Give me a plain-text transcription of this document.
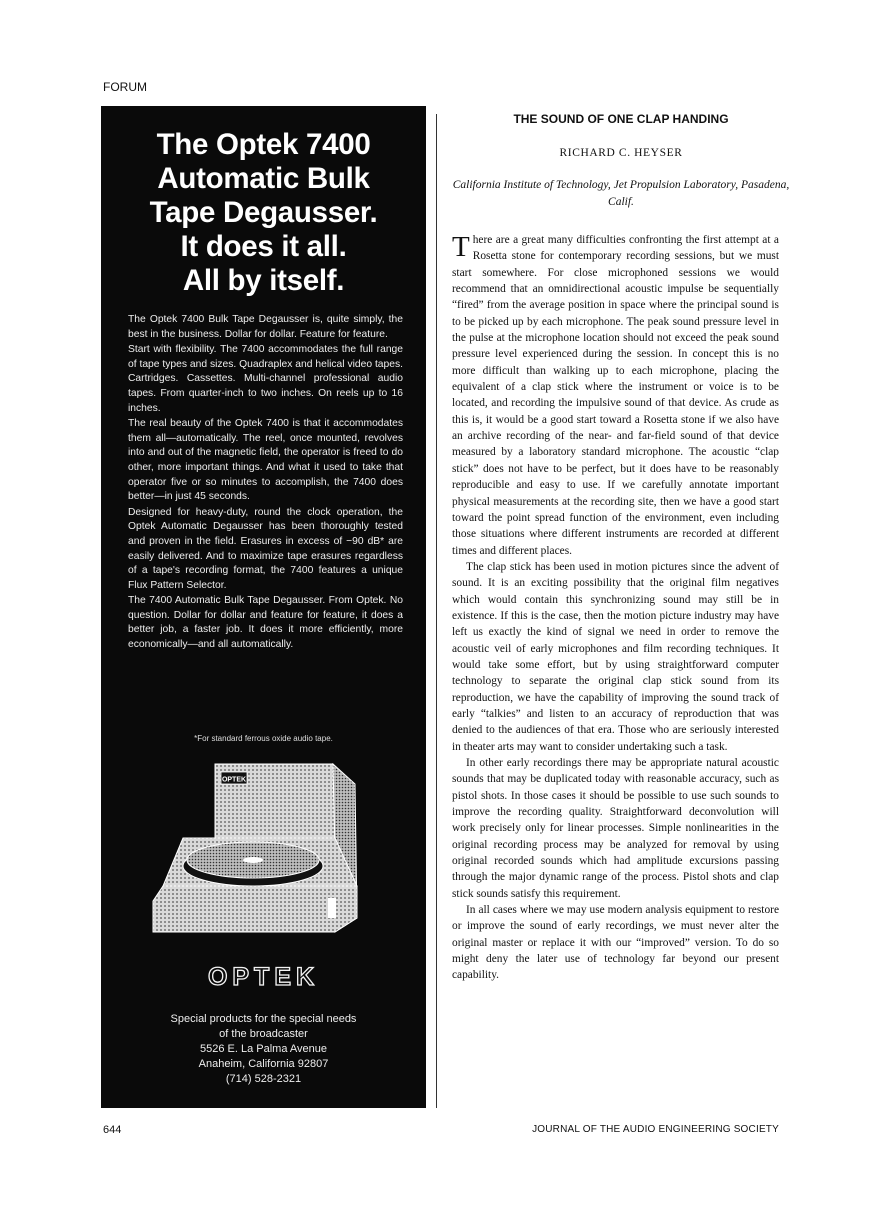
FORUM
The Optek 7400
Automatic Bulk
Tape Degausser.
It does it all.
All by itself.

The Optek 7400 Bulk Tape Degausser is, quite simply, the best in the business. Dollar for dollar. Feature for feature.

Start with flexibility. The 7400 accommodates the full range of tape types and sizes. Quadraplex and helical video tapes. Cartridges. Cassettes. Multi-channel professional audio tapes. From quarter-inch to two inches. On reels up to 16 inches.

The real beauty of the Optek 7400 is that it accommodates them all—automatically. The reel, once mounted, revolves into and out of the magnetic field, the operator is freed to do other, more important things. And what it used to take that operator five or so minutes to accomplish, the 7400 does better—in just 45 seconds.

Designed for heavy-duty, round the clock operation, the Optek Automatic Degausser has been thoroughly tested and proven in the field. Erasures in excess of −90 dB* are easily delivered. And to maximize tape erasures regardless of a tape's recording format, the 7400 features a unique Flux Pattern Selector.

The 7400 Automatic Bulk Tape Degausser. From Optek. No question. Dollar for dollar and feature for feature, it does a better job, a faster job. It does it more efficiently, more economically—and all automatically.

*For standard ferrous oxide audio tape.
OPTEK
OPTEK
Special products for the special needs
of the broadcaster
5526 E. La Palma Avenue
Anaheim, California 92807
(714) 528-2321
THE SOUND OF ONE CLAP HANDING
RICHARD C. HEYSER
California Institute of Technology, Jet Propulsion Laboratory, Pasadena, Calif.

There are a great many difficulties confronting the first attempt at a Rosetta stone for contemporary recording sessions, but we must start somewhere. For close microphoned sessions we would recommend that an omnidirectional acoustic impulse be sequentially “fired” from the average position in space where the principal sound is to be picked up by each microphone. The peak sound pressure level in the pulse at the microphone location should not exceed the peak sound pressure level experienced during the session. In concept this is no more difficult than walking up to each microphone, placing the equivalent of a clap stick where the instrument or voice is to be located, and recording the impulsive sound of that device. As crude as this is, it would be a good start toward a Rosetta stone if we also have an archive recording of the near- and far-field sound of that device measured by a laboratory standard microphone. The acoustic “clap stick” does not have to be perfect, but it does have to be reasonably reproducible and easy to use. If we carefully annotate important physical measurements at the recording site, then we have a good start toward the point spread function of the environment, even including those situations where different instruments are recorded at different times and different places.

The clap stick has been used in motion pictures since the advent of sound. It is an exciting possibility that the original film negatives which would contain this synchronizing sound may still be in existence. If this is the case, then the motion picture industry may have left us exactly the kind of signal we need in order to remove the acoustic veil of early microphones and film recording techniques. It would take some effort, but by using straightforward computer technology to separate the original clap stick sound from its reproduction, we have the capability of improving the sound track of early “talkies” and listen to an accuracy of reproduction that was denied to the audiences of that era. Those who are seriously interested in theater arts may want to consider undertaking such a task.

In other early recordings there may be appropriate natural acoustic sounds that may be duplicated today with reasonable accuracy, such as pistol shots. In those cases it should be possible to use such sounds to improve the recording quality. Straightforward deconvolution will work precisely only for linear processes. Simple nonlinearities in the original recording process may be analyzed for removal by using original recorded sounds which had amplitude excursions passing through the major dynamic range of the process. Pistol shots and clap stick sounds satisfy this requirement.

In all cases where we may use modern analysis equipment to restore or improve the sound of early recordings, we must never alter the original master or replace it with our “improved” version. To do so might deny the later use of technology far beyond our present capability.

644	JOURNAL OF THE AUDIO ENGINEERING SOCIETY
